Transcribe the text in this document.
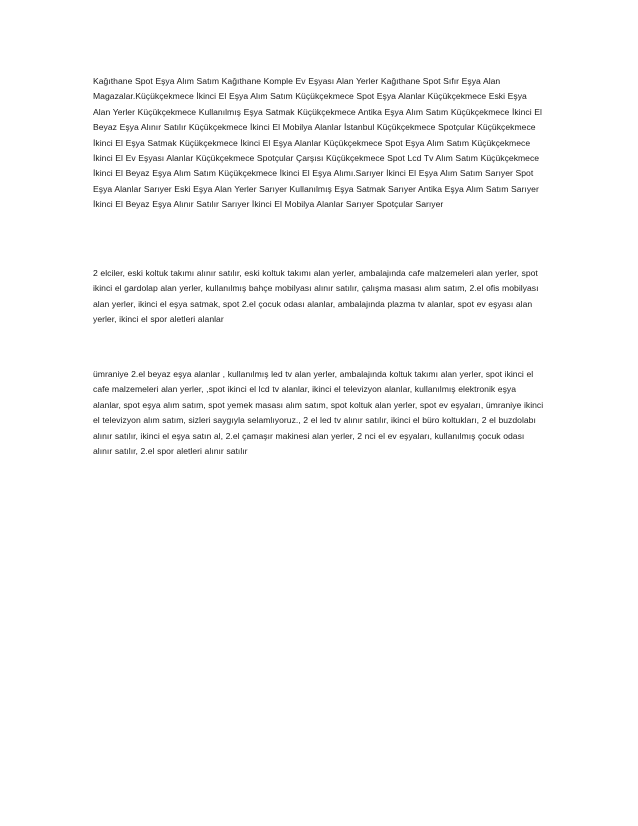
Kağıthane Spot Eşya Alım Satım Kağıthane Komple Ev Eşyası Alan Yerler Kağıthane Spot Sıfır Eşya Alan Magazalar.Küçükçekmece İkinci El Eşya Alım Satım Küçükçekmece Spot Eşya Alanlar Küçükçekmece Eski Eşya Alan Yerler Küçükçekmece Kullanılmış Eşya Satmak Küçükçekmece Antika Eşya Alım Satım Küçükçekmece İkinci El Beyaz Eşya Alınır Satılır Küçükçekmece İkinci El Mobilya Alanlar İstanbul Küçükçekmece Spotçular Küçükçekmece İkinci El Eşya Satmak Küçükçekmece İkinci El Eşya Alanlar Küçükçekmece Spot Eşya Alım Satım Küçükçekmece İkinci El Ev Eşyası Alanlar Küçükçekmece Spotçular Çarşısı Küçükçekmece Spot Lcd Tv Alım Satım Küçükçekmece İkinci El Beyaz Eşya Alım Satım Küçükçekmece İkinci El Eşya Alımı.Sarıyer İkinci El Eşya Alım Satım Sarıyer Spot Eşya Alanlar Sarıyer Eski Eşya Alan Yerler Sarıyer Kullanılmış Eşya Satmak Sarıyer Antika Eşya Alım Satım Sarıyer İkinci El Beyaz Eşya Alınır Satılır Sarıyer İkinci El Mobilya Alanlar Sarıyer Spotçular Sarıyer

2 elciler, eski koltuk takımı alınır satılır, eski koltuk takımı alan yerler, ambalajında cafe malzemeleri alan yerler, spot ikinci el gardolap alan yerler, kullanılmış bahçe mobilyası alınır satılır, çalışma masası alım satım, 2.el ofis mobilyası alan yerler, ikinci el eşya satmak, spot 2.el çocuk odası alanlar, ambalajında plazma tv alanlar, spot ev eşyası alan yerler, ikinci el spor aletleri alanlar

ümraniye 2.el beyaz eşya alanlar , kullanılmış led tv alan yerler, ambalajında koltuk takımı alan yerler, spot ikinci el cafe malzemeleri alan yerler, ,spot ikinci el lcd tv alanlar, ikinci el televizyon alanlar, kullanılmış elektronik eşya alanlar, spot eşya alım satım, spot yemek masası alım satım, spot koltuk alan yerler, spot ev eşyaları, ümraniye ikinci el televizyon alım satım, sizleri saygıyla selamlıyoruz., 2 el led tv alınır satılır, ikinci el büro koltukları, 2 el buzdolabı alınır satılır, ikinci el eşya satın al, 2.el çamaşır makinesi alan yerler, 2 nci el ev eşyaları, kullanılmış çocuk odası alınır satılır, 2.el spor aletleri alınır satılır
